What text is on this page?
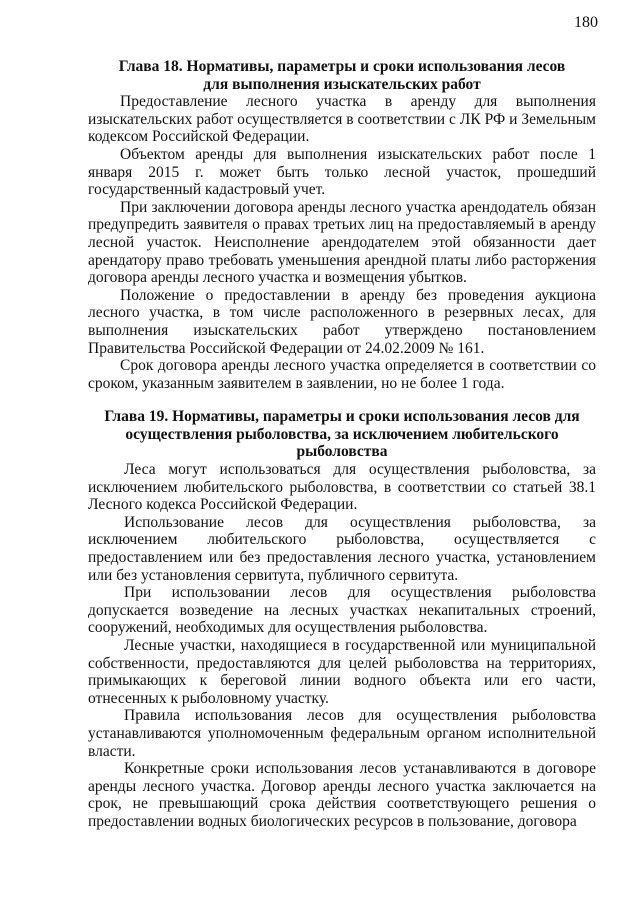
180
Глава 18. Нормативы, параметры и сроки использования лесов
для выполнения изыскательских работ

Предоставление лесного участка в аренду для выполнения изыскательских работ осуществляется в соответствии с ЛК РФ и Земельным кодексом Российской Федерации.

Объектом аренды для выполнения изыскательских работ после 1 января 2015 г. может быть только лесной участок, прошедший государственный кадастровый учет.

При заключении договора аренды лесного участка арендодатель обязан предупредить заявителя о правах третьих лиц на предоставляемый в аренду лесной участок. Неисполнение арендодателем этой обязанности дает арендатору право требовать уменьшения арендной платы либо расторжения договора аренды лесного участка и возмещения убытков.

Положение о предоставлении в аренду без проведения аукциона лесного участка, в том числе расположенного в резервных лесах, для выполнения изыскательских работ утверждено постановлением Правительства Российской Федерации от 24.02.2009 № 161.

Срок договора аренды лесного участка определяется в соответствии со сроком, указанным заявителем в заявлении, но не более 1 года.

Глава 19. Нормативы, параметры и сроки использования лесов для
осуществления рыболовства, за исключением любительского
рыболовства

Леса могут использоваться для осуществления рыболовства, за исключением любительского рыболовства, в соответствии со статьей 38.1 Лесного кодекса Российской Федерации.

Использование лесов для осуществления рыболовства, за исключением любительского рыболовства, осуществляется с предоставлением или без предоставления лесного участка, установлением или без установления сервитута, публичного сервитута.

При использовании лесов для осуществления рыболовства допускается возведение на лесных участках некапитальных строений, сооружений, необходимых для осуществления рыболовства.

Лесные участки, находящиеся в государственной или муниципальной собственности, предоставляются для целей рыболовства на территориях, примыкающих к береговой линии водного объекта или его части, отнесенных к рыболовному участку.

Правила использования лесов для осуществления рыболовства устанавливаются уполномоченным федеральным органом исполнительной власти.

Конкретные сроки использования лесов устанавливаются в договоре аренды лесного участка. Договор аренды лесного участка заключается на срок, не превышающий срока действия соответствующего решения о предоставлении водных биологических ресурсов в пользование, договора
